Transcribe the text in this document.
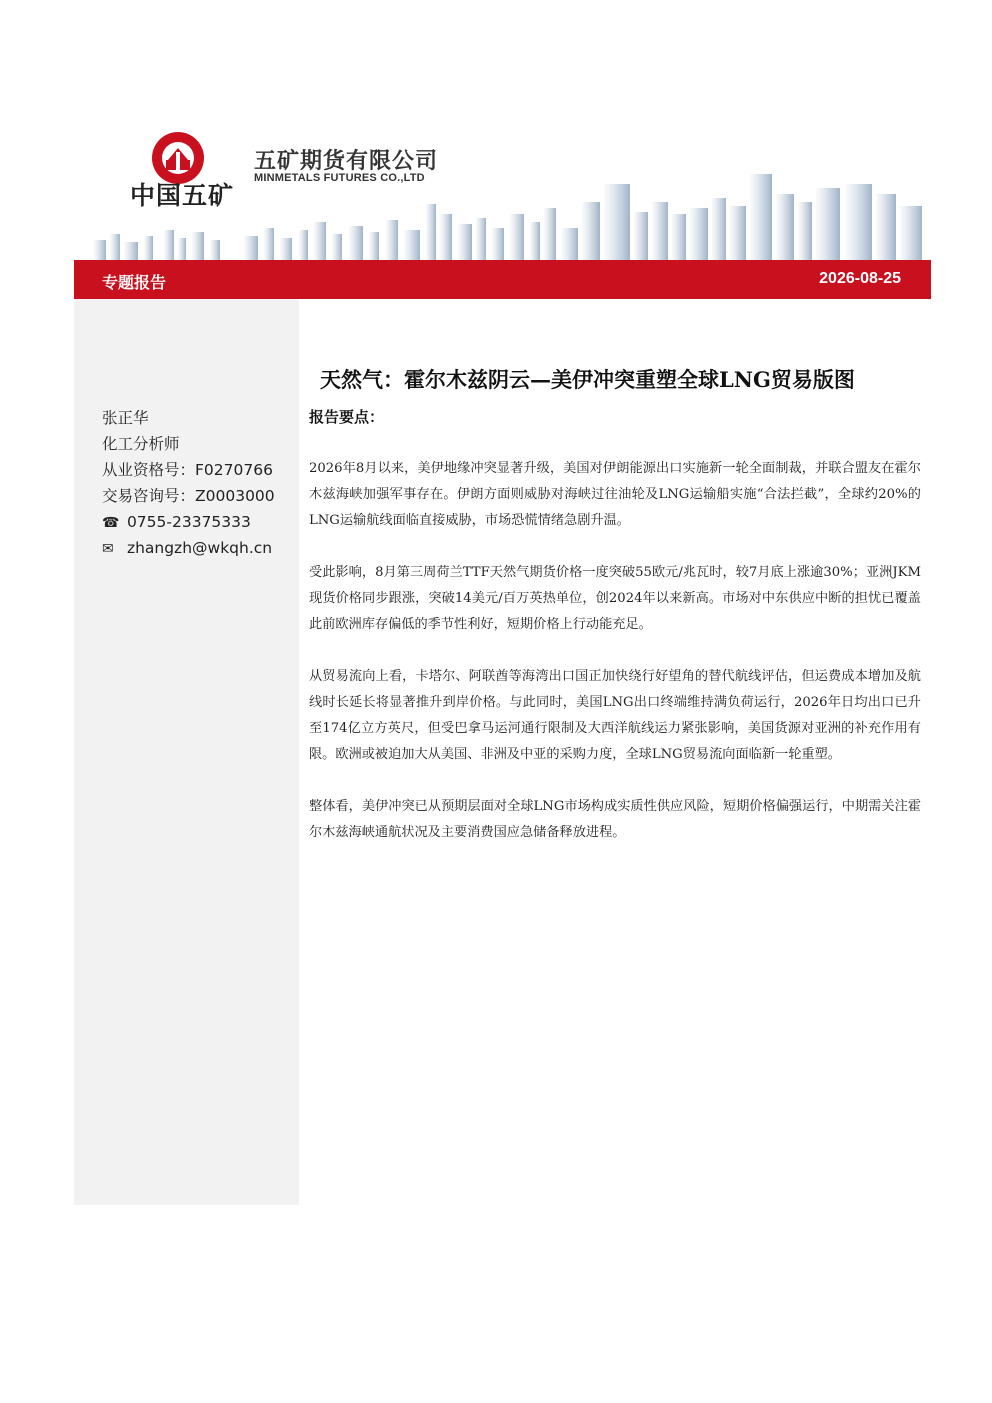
中国五矿
五矿期货有限公司
MINMETALS FUTURES CO.,LTD
专题报告	2026-08-25
张正华
化工分析师
从业资格号：F0270766
交易咨询号：Z0003000
☎ 0755-23375333
✉ zhangzh@wkqh.cn
天然气：霍尔木兹阴云—美伊冲突重塑全球LNG贸易版图
报告要点：

2026年8月以来，美伊地缘冲突显著升级，美国对伊朗能源出口实施新一轮全面制裁，并联合盟友在霍尔木兹海峡加强军事存在。伊朗方面则威胁对海峡过往油轮及LNG运输船实施“合法拦截”，全球约20%的LNG运输航线面临直接威胁，市场恐慌情绪急剧升温。

受此影响，8月第三周荷兰TTF天然气期货价格一度突破55欧元/兆瓦时，较7月底上涨逾30%；亚洲JKM现货价格同步跟涨，突破14美元/百万英热单位，创2024年以来新高。市场对中东供应中断的担忧已覆盖此前欧洲库存偏低的季节性利好，短期价格上行动能充足。

从贸易流向上看，卡塔尔、阿联酋等海湾出口国正加快绕行好望角的替代航线评估，但运费成本增加及航线时长延长将显著推升到岸价格。与此同时，美国LNG出口终端维持满负荷运行，2026年日均出口已升至174亿立方英尺，但受巴拿马运河通行限制及大西洋航线运力紧张影响，美国货源对亚洲的补充作用有限。欧洲或被迫加大从美国、非洲及中亚的采购力度，全球LNG贸易流向面临新一轮重塑。

整体看，美伊冲突已从预期层面对全球LNG市场构成实质性供应风险，短期价格偏强运行，中期需关注霍尔木兹海峡通航状况及主要消费国应急储备释放进程。
